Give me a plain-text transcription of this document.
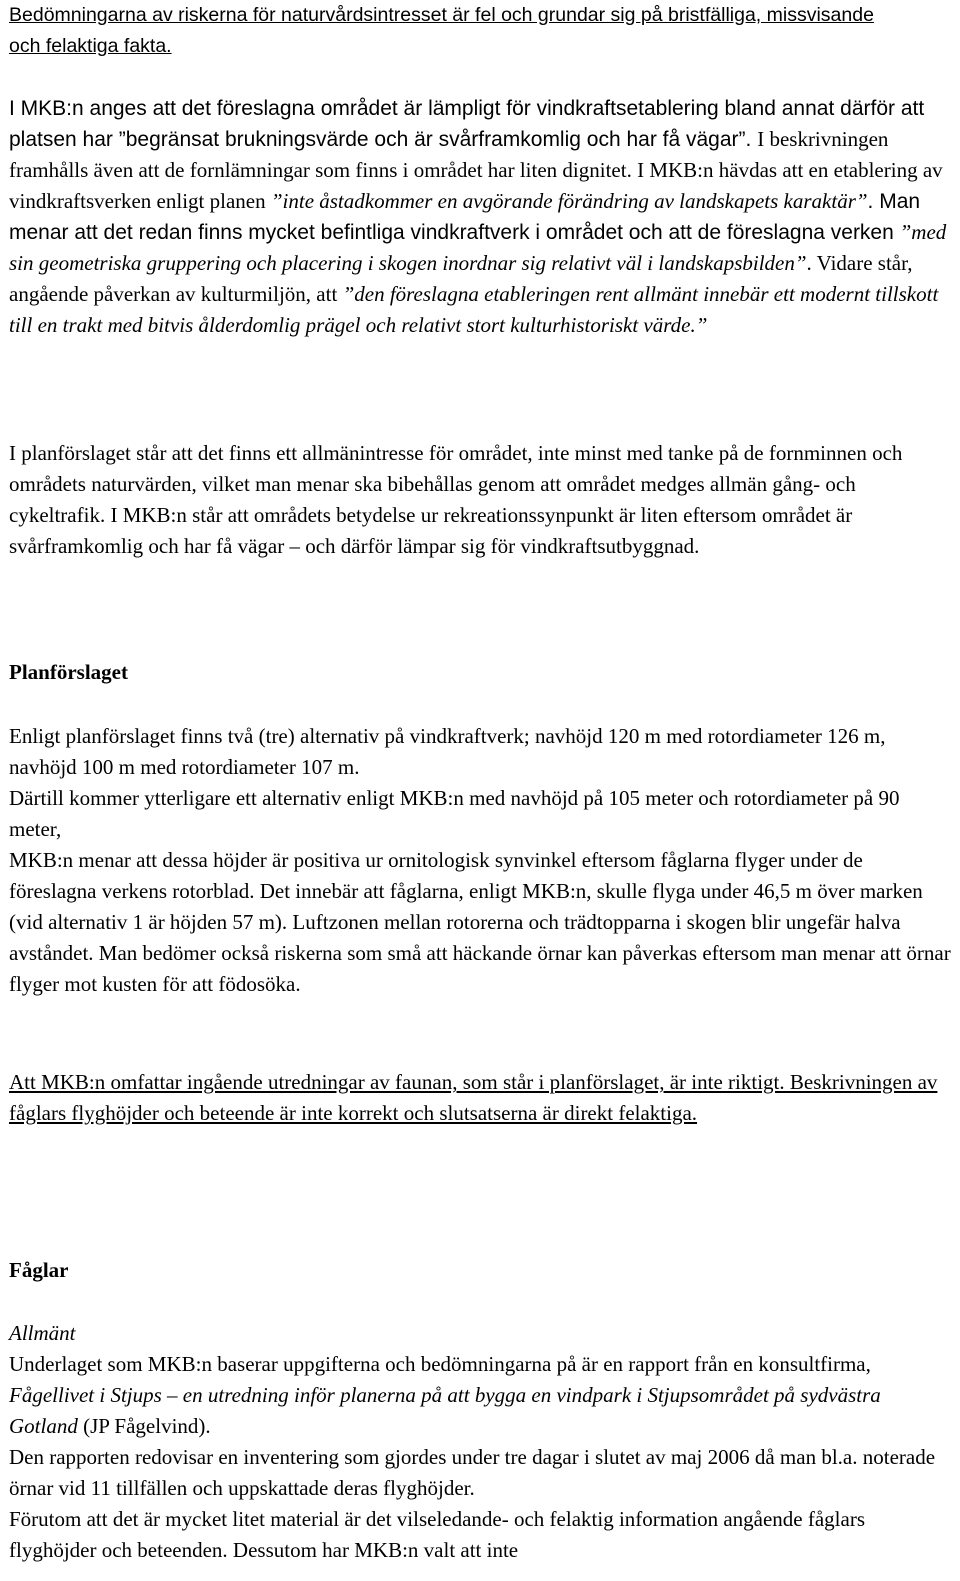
Bedömningarna av riskerna för naturvårdsintresset är fel och grundar sig på bristfälliga, missvisande och felaktiga fakta.

I MKB:n anges att det föreslagna området är lämpligt för vindkraftsetablering bland annat därför att platsen har ”begränsat brukningsvärde och är svårframkomlig och har få vägar”. I beskrivningen framhålls även att de fornlämningar som finns i området har liten dignitet. I MKB:n hävdas att en etablering av vindkraftsverken enligt planen ”inte åstadkommer en avgörande förändring av landskapets karaktär”. Man menar att det redan finns mycket befintliga vindkraftverk i området och att de föreslagna verken ”med sin geometriska gruppering och placering i skogen inordnar sig relativt väl i landskapsbilden”. Vidare står, angående påverkan av kulturmiljön, att ”den föreslagna etableringen rent allmänt innebär ett modernt tillskott till en trakt med bitvis ålderdomlig prägel och relativt stort kulturhistoriskt värde.”

I planförslaget står att det finns ett allmänintresse för området, inte minst med tanke på de fornminnen och områdets naturvärden, vilket man menar ska bibehållas genom att området medges allmän gång- och cykeltrafik. I MKB:n står att områdets betydelse ur rekreationssynpunkt är liten eftersom området är svårframkomlig och har få vägar – och därför lämpar sig för vindkraftsutbyggnad.

Planförslaget

Enligt planförslaget finns två (tre) alternativ på vindkraftverk; navhöjd 120 m med rotordiameter 126 m, navhöjd 100 m med rotordiameter 107 m.

Därtill kommer ytterligare ett alternativ enligt MKB:n med navhöjd på 105 meter och rotordiameter på 90 meter,

MKB:n menar att dessa höjder är positiva ur ornitologisk synvinkel eftersom fåglarna flyger under de föreslagna verkens rotorblad. Det innebär att fåglarna, enligt MKB:n, skulle flyga under 46,5 m över marken (vid alternativ 1 är höjden 57 m). Luftzonen mellan rotorerna och trädtopparna i skogen blir ungefär halva avståndet. Man bedömer också riskerna som små att häckande örnar kan påverkas eftersom man menar att örnar flyger mot kusten för att födosöka.

Att MKB:n omfattar ingående utredningar av faunan, som står i planförslaget, är inte riktigt. Beskrivningen av fåglars flyghöjder och beteende är inte korrekt och slutsatserna är direkt felaktiga.

Fåglar

Allmänt

Underlaget som MKB:n baserar uppgifterna och bedömningarna på är en rapport från en konsultfirma, Fågellivet i Stjups – en utredning inför planerna på att bygga en vindpark i Stjupsområdet på sydvästra Gotland (JP Fågelvind).

Den rapporten redovisar en inventering som gjordes under tre dagar i slutet av maj 2006 då man bl.a. noterade örnar vid 11 tillfällen och uppskattade deras flyghöjder.

Förutom att det är mycket litet material är det vilseledande- och felaktig information angående fåglars flyghöjder och beteenden. Dessutom har MKB:n valt att inte
